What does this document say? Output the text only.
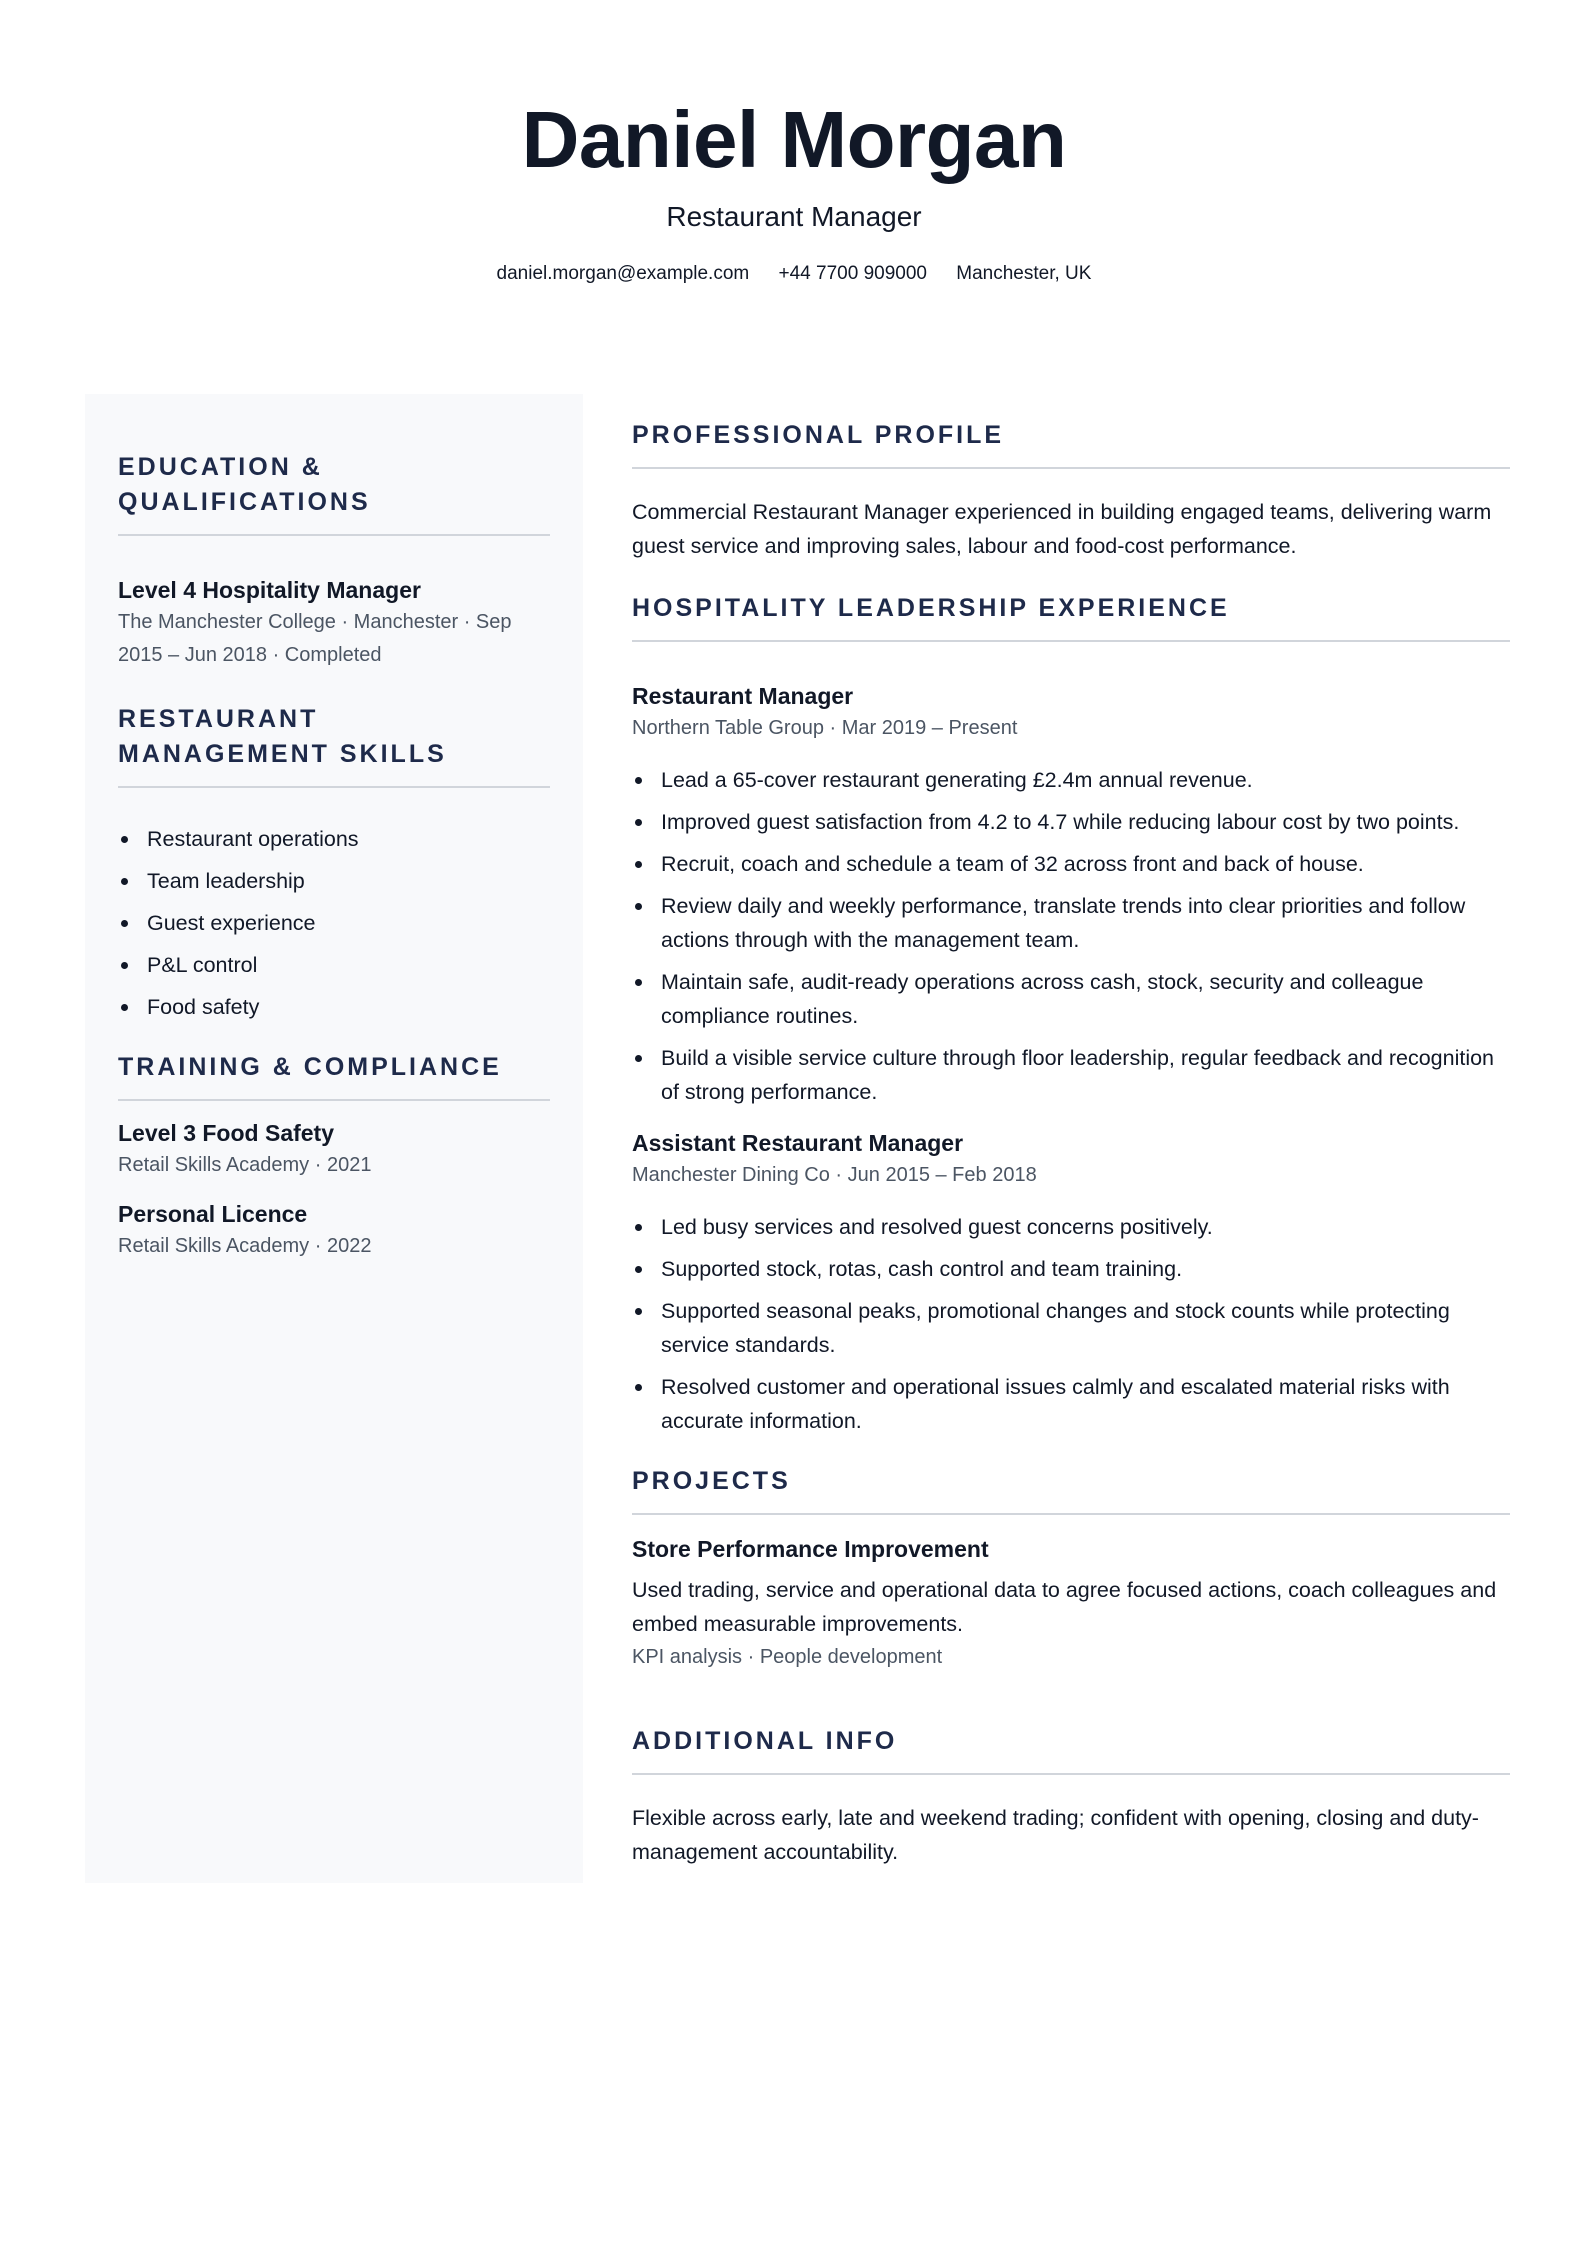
Daniel Morgan
Restaurant Manager
daniel.morgan@example.com +44 7700 909000 Manchester, UK
EDUCATION & QUALIFICATIONS
Level 4 Hospitality Manager
The Manchester College · Manchester · Sep 2015 – Jun 2018 · Completed
RESTAURANT MANAGEMENT SKILLS
Restaurant operations
Team leadership
Guest experience
P&L control
Food safety
TRAINING & COMPLIANCE
Level 3 Food Safety
Retail Skills Academy · 2021
Personal Licence
Retail Skills Academy · 2022
PROFESSIONAL PROFILE
Commercial Restaurant Manager experienced in building engaged teams, delivering warm guest service and improving sales, labour and food-cost performance.
HOSPITALITY LEADERSHIP EXPERIENCE
Restaurant Manager
Northern Table Group · Mar 2019 – Present
Lead a 65-cover restaurant generating £2.4m annual revenue.
Improved guest satisfaction from 4.2 to 4.7 while reducing labour cost by two points.
Recruit, coach and schedule a team of 32 across front and back of house.
Review daily and weekly performance, translate trends into clear priorities and follow actions through with the management team.
Maintain safe, audit-ready operations across cash, stock, security and colleague compliance routines.
Build a visible service culture through floor leadership, regular feedback and recognition of strong performance.
Assistant Restaurant Manager
Manchester Dining Co · Jun 2015 – Feb 2018
Led busy services and resolved guest concerns positively.
Supported stock, rotas, cash control and team training.
Supported seasonal peaks, promotional changes and stock counts while protecting service standards.
Resolved customer and operational issues calmly and escalated material risks with accurate information.
PROJECTS
Store Performance Improvement
Used trading, service and operational data to agree focused actions, coach colleagues and embed measurable improvements.
KPI analysis · People development
ADDITIONAL INFO
Flexible across early, late and weekend trading; confident with opening, closing and duty-management accountability.
